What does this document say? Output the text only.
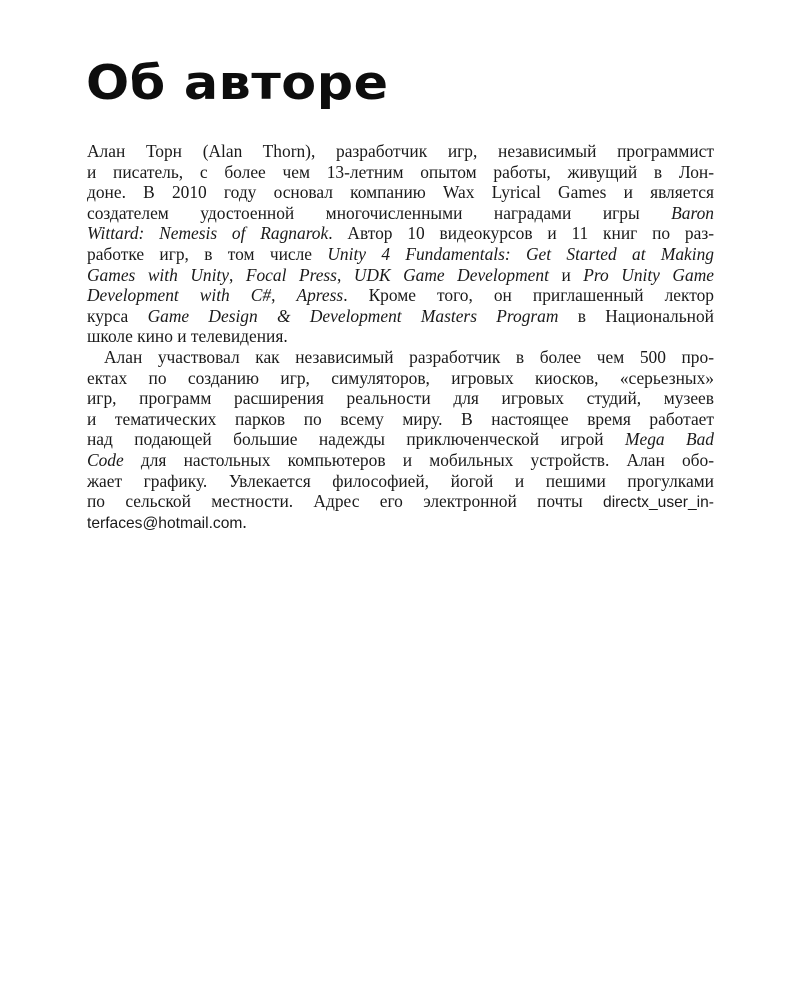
Об авторе
Алан Торн (Alan Thorn), разработчик игр, независимый программист
и писатель, с более чем 13-летним опытом работы, живущий в Лон-
доне. В 2010 году основал компанию Wax Lyrical Games и является
создателем удостоенной многочисленными наградами игры Baron
Wittard: Nemesis of Ragnarok. Автор 10 видеокурсов и 11 книг по раз-
работке игр, в том числе Unity 4 Fundamentals: Get Started at Making
Games with Unity, Focal Press, UDK Game Development и Pro Unity Game
Development with C#, Apress. Кроме того, он приглашенный лектор
курса Game Design & Development Masters Program в Национальной
школе кино и телевидения.
Алан участвовал как независимый разработчик в более чем 500 про-
ектах по созданию игр, симуляторов, игровых киосков, «серьезных»
игр, программ расширения реальности для игровых студий, музеев
и тематических парков по всему миру. В настоящее время работает
над подающей большие надежды приключенческой игрой Mega Bad
Code для настольных компьютеров и мобильных устройств. Алан обо-
жает графику. Увлекается философией, йогой и пешими прогулками
по сельской местности. Адрес его электронной почты directx_user_in-
terfaces@hotmail.com.
